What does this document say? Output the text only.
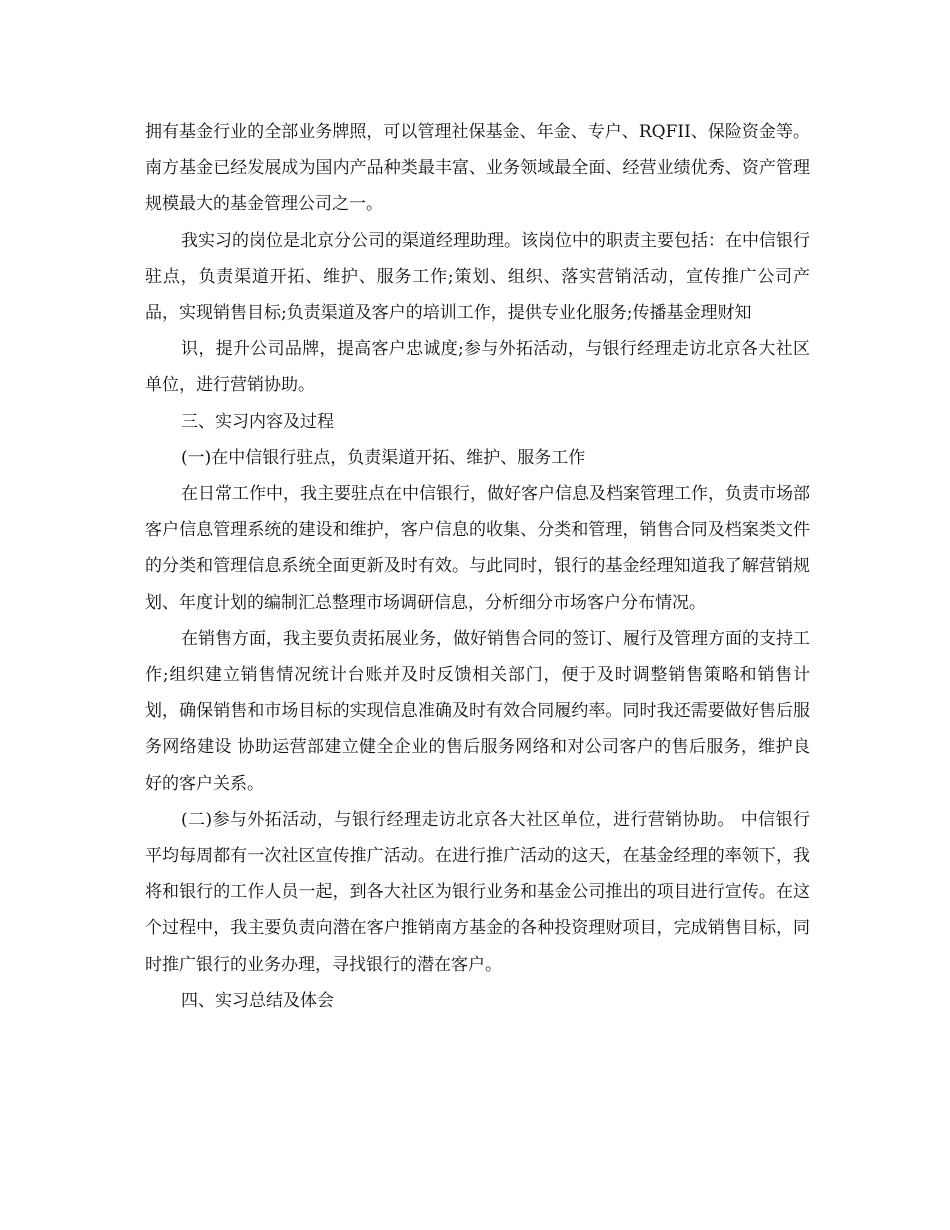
拥有基金行业的全部业务牌照，可以管理社保基金、年金、专户、RQFII、保险资金等。南方基金已经发展成为国内产品种类最丰富、业务领域最全面、经营业绩优秀、资产管理规模最大的基金管理公司之一。

我实习的岗位是北京分公司的渠道经理助理。该岗位中的职责主要包括：在中信银行驻点，负责渠道开拓、维护、服务工作;策划、组织、落实营销活动，宣传推广公司产品，实现销售目标;负责渠道及客户的培训工作，提供专业化服务;传播基金理财知

识，提升公司品牌，提高客户忠诚度;参与外拓活动，与银行经理走访北京各大社区单位，进行营销协助。

三、实习内容及过程

(一)在中信银行驻点，负责渠道开拓、维护、服务工作

在日常工作中，我主要驻点在中信银行，做好客户信息及档案管理工作，负责市场部客户信息管理系统的建设和维护，客户信息的收集、分类和管理，销售合同及档案类文件的分类和管理信息系统全面更新及时有效。与此同时，银行的基金经理知道我了解营销规划、年度计划的编制汇总整理市场调研信息，分析细分市场客户分布情况。

在销售方面，我主要负责拓展业务，做好销售合同的签订、履行及管理方面的支持工作;组织建立销售情况统计台账并及时反馈相关部门，便于及时调整销售策略和销售计划，确保销售和市场目标的实现信息准确及时有效合同履约率。同时我还需要做好售后服务网络建设 协助运营部建立健全企业的售后服务网络和对公司客户的售后服务，维护良好的客户关系。

(二)参与外拓活动，与银行经理走访北京各大社区单位，进行营销协助。 中信银行平均每周都有一次社区宣传推广活动。在进行推广活动的这天，在基金经理的率领下，我将和银行的工作人员一起，到各大社区为银行业务和基金公司推出的项目进行宣传。在这个过程中，我主要负责向潜在客户推销南方基金的各种投资理财项目，完成销售目标，同时推广银行的业务办理，寻找银行的潜在客户。

四、实习总结及体会
